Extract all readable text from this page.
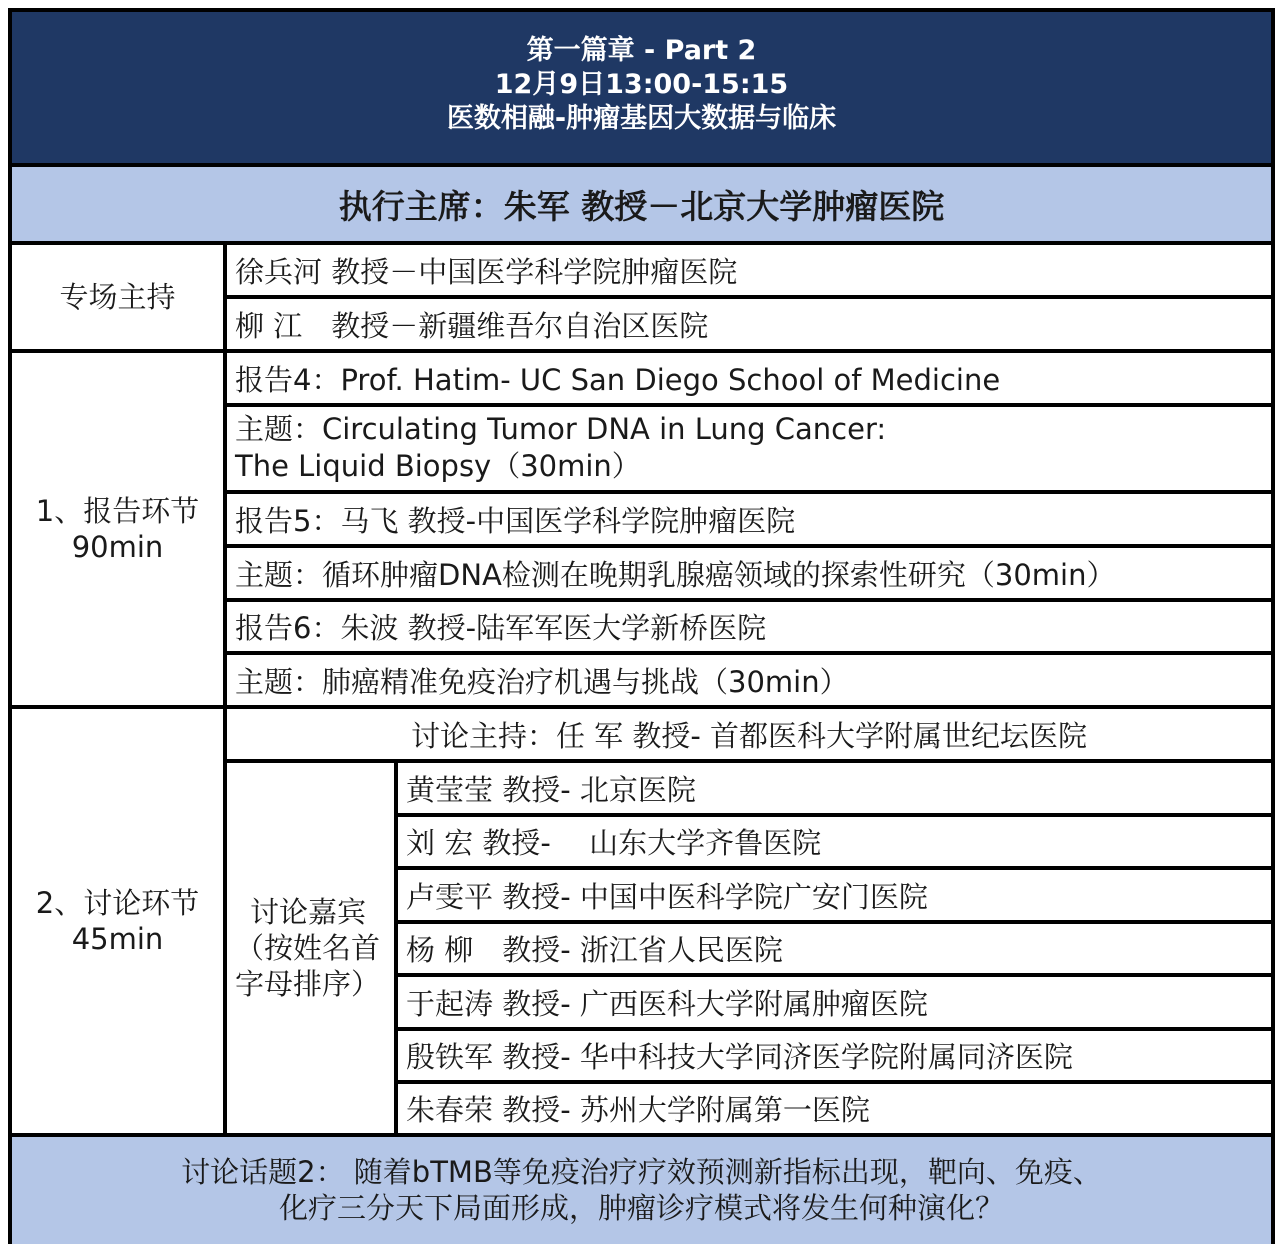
第一篇章 - Part 2
12月9日13:00-15:15
医数相融-肿瘤基因大数据与临床
执行主席：朱军 教授－北京大学肿瘤医院
专场主持
徐兵河 教授－中国医学科学院肿瘤医院
柳 江　教授－新疆维吾尔自治区医院
1、报告环节
90min
报告4：Prof. Hatim- UC San Diego School of Medicine
主题：Circulating Tumor DNA in Lung Cancer:
The Liquid Biopsy（30min）
报告5：马飞 教授-中国医学科学院肿瘤医院
主题：循环肿瘤DNA检测在晚期乳腺癌领域的探索性研究（30min）
报告6：朱波 教授-陆军军医大学新桥医院
主题：肺癌精准免疫治疗机遇与挑战（30min）
2、讨论环节
45min
讨论主持：任 军 教授- 首都医科大学附属世纪坛医院
讨论嘉宾
（按姓名首
字母排序）
黄莹莹 教授- 北京医院
刘 宏 教授-　 山东大学齐鲁医院
卢雯平 教授- 中国中医科学院广安门医院
杨 柳　教授- 浙江省人民医院
于起涛 教授- 广西医科大学附属肿瘤医院
殷铁军 教授- 华中科技大学同济医学院附属同济医院
朱春荣 教授- 苏州大学附属第一医院
讨论话题2： 随着bTMB等免疫治疗疗效预测新指标出现，靶向、免疫、
化疗三分天下局面形成，肿瘤诊疗模式将发生何种演化？
